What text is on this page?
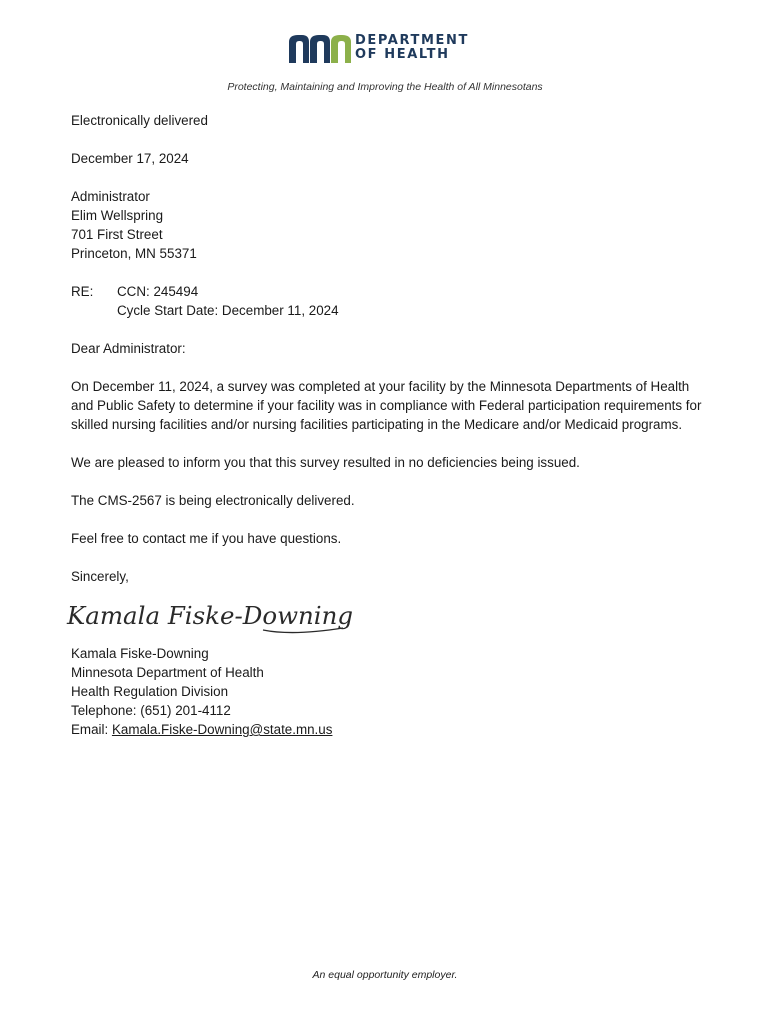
DEPARTMENT
OF HEALTH
Protecting, Maintaining and Improving the Health of All Minnesotans

Electronically delivered

December 17, 2024

Administrator

Elim Wellspring

701 First Street

Princeton, MN 55371

RE:	CCN: 245494
Cycle Start Date: December 11, 2024

Dear Administrator:

On December 11, 2024, a survey was completed at your facility by the Minnesota Departments of Health and Public Safety to determine if your facility was in compliance with Federal participation requirements for skilled nursing facilities and/or nursing facilities participating in the Medicare and/or Medicaid programs.

We are pleased to inform you that this survey resulted in no deficiencies being issued.

The CMS-2567 is being electronically delivered.

Feel free to contact me if you have questions.

Sincerely,

Kamala Fiske-Downing

Kamala Fiske-Downing

Minnesota Department of Health

Health Regulation Division

Telephone: (651) 201-4112

Email: Kamala.Fiske-Downing@state.mn.us

An equal opportunity employer.
